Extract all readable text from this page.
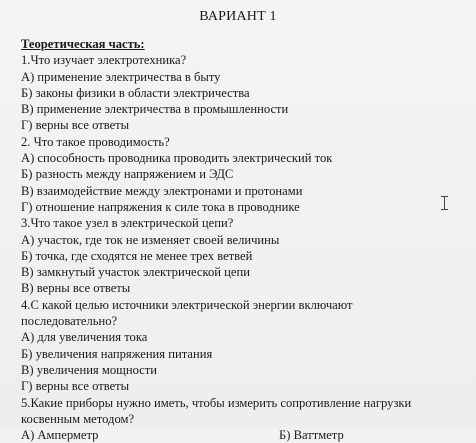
ВАРИАНТ 1
Теоретическая часть:
1.Что изучает электротехника?
А) применение электричества в быту
Б) законы физики в области электричества
В) применение электричества в промышленности
Г) верны все ответы
2. Что такое проводимость?
А) способность проводника проводить электрический ток
Б) разность между напряжением и ЭДС
В) взаимодействие между электронами и протонами
Г) отношение напряжения к силе тока в проводнике
3.Что такое узел в электрической цепи?
А) участок, где ток не изменяет своей величины
Б) точка, где сходятся не менее трех ветвей
В) замкнутый участок электрической цепи
В) верны все ответы
4.С какой целью источники электрической энергии включают
последовательно?
А) для увеличения тока
Б) увеличения напряжения питания
В) увеличения мощности
Г) верны все ответы
5.Какие приборы нужно иметь, чтобы измерить сопротивление нагрузки
косвенным методом?
А) Амперметр	Б) Ваттметр
